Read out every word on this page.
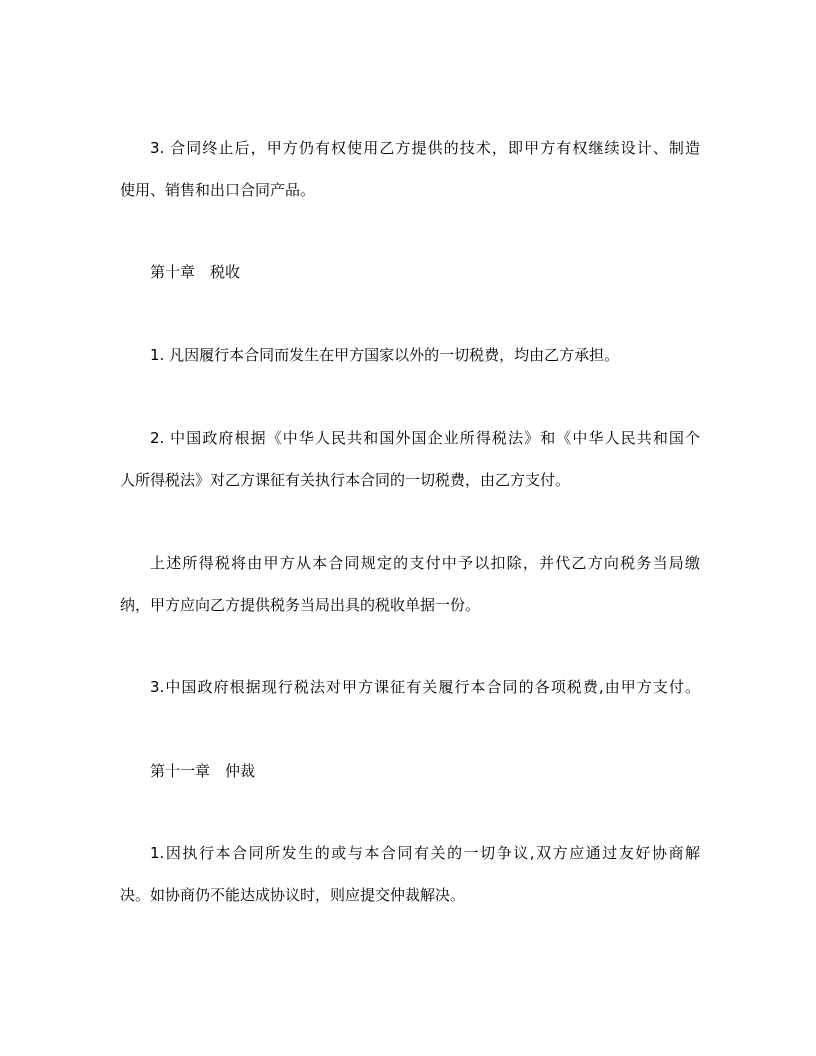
3. 合同终止后，甲方仍有权使用乙方提供的技术，即甲方有权继续设计、制造

使用、销售和出口合同产品。

第十章　税收

1. 凡因履行本合同而发生在甲方国家以外的一切税费，均由乙方承担。

2. 中国政府根据《中华人民共和国外国企业所得税法》和《中华人民共和国个

人所得税法》对乙方课征有关执行本合同的一切税费，由乙方支付。

上述所得税将由甲方从本合同规定的支付中予以扣除，并代乙方向税务当局缴

纳，甲方应向乙方提供税务当局出具的税收单据一份。

3.中国政府根据现行税法对甲方课征有关履行本合同的各项税费,由甲方支付。

第十一章　仲裁

1.因执行本合同所发生的或与本合同有关的一切争议,双方应通过友好协商解

决。如协商仍不能达成协议时，则应提交仲裁解决。
